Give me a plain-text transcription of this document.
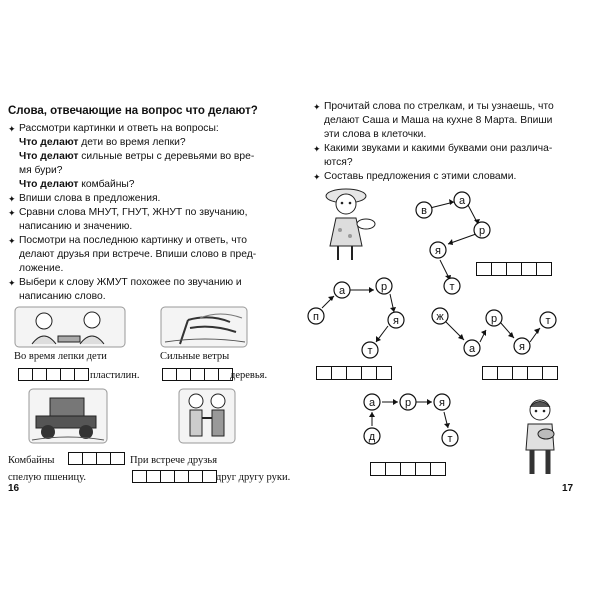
Слова, отвечающие на вопрос что делают?
✦ Рассмотри картинки и ответь на вопросы:
Что делают дети во время лепки?
Что делают сильные ветры с деревьями во вре-
мя бури?
Что делают комбайны?
✦ Впиши слова в предложения.
✦ Сравни слова МНУТ, ГНУТ, ЖНУТ по звучанию,
написанию и значению.
✦ Посмотри на последнюю картинку и ответь, что
делают друзья при встрече. Впиши слово в пред-
ложение.
✦ Выбери к слову ЖМУТ похожее по звучанию и
написанию слово.
Во время лепки дети
пластилин.
Сильные ветры
деревья.
Комбайны
спелую пшеницу.
При встрече друзья
друг другу руки.
16
✦ Прочитай слова по стрелкам, и ты узнаешь, что
делают Саша и Маша на кухне 8 Марта. Впиши
эти слова в клеточки.
✦ Какими звуками и какими буквами они различа-
ются?
✦ Составь предложения с этими словами.
в
а
р
я
т
п
а	р
я
т
ж
а
р
я
т
д
а	р	я
т
17
